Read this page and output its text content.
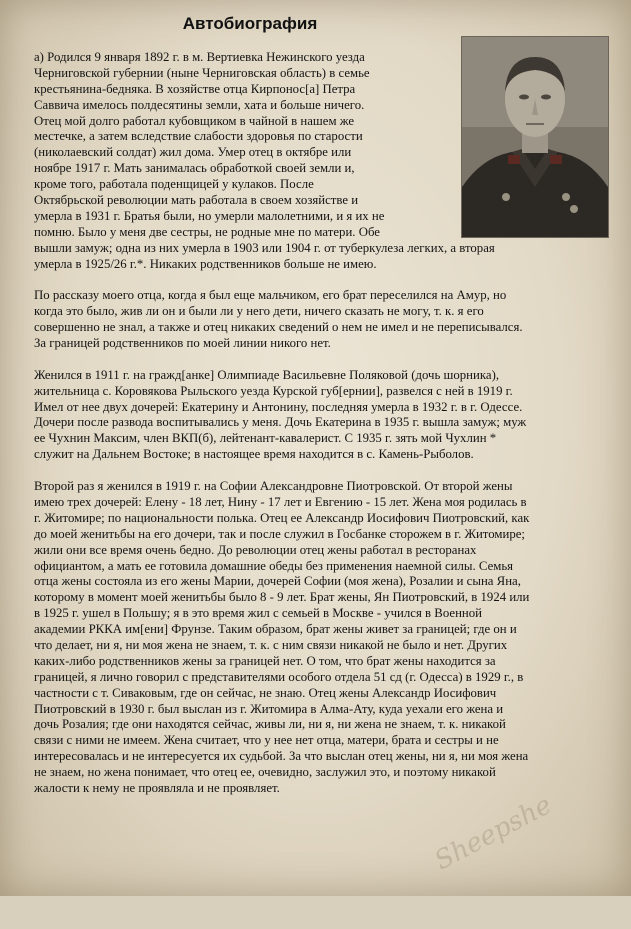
Автобиография
а) Родился 9 января 1892 г. в м. Вертиевка Нежинского уезда
Черниговской губернии (ныне Черниговская область) в семье
крестьянина-бедняка. В хозяйстве отца Кирпонос[а] Петра
Саввича имелось полдесятины земли, хата и больше ничего.
Отец мой долго работал кубовщиком в чайной в нашем же
местечке, а затем вследствие слабости здоровья по старости
(николаевский солдат) жил дома. Умер отец в октябре или
ноябре 1917 г. Мать занималась обработкой своей земли и,
кроме того, работала поденщицей у кулаков. После
Октябрьской революции мать работала в своем хозяйстве и
умерла в 1931 г. Братья были, но умерли малолетними, и я их не
помню. Было у меня две сестры, не родные мне по матери. Обе
вышли замуж; одна из них умерла в 1903 или 1904 г. от туберкулеза легких, а вторая
умерла в 1925/26 г.*. Никаких родственников больше не имею.
По рассказу моего отца, когда я был еще мальчиком, его брат переселился на Амур, но
когда это было, жив ли он и были ли у него дети, ничего сказать не могу, т. к. я его
совершенно не знал, а также и отец никаких сведений о нем не имел и не переписывался.
За границей родственников по моей линии никого нет.
Женился в 1911 г. на гражд[анке] Олимпиаде Васильевне Поляковой (дочь шорника),
жительница с. Коровякова Рыльского уезда Курской губ[ернии], развелся с ней в 1919 г.
Имел от нее двух дочерей: Екатерину и Антонину, последняя умерла в 1932 г. в г. Одессе.
Дочери после развода воспитывались у меня. Дочь Екатерина в 1935 г. вышла замуж; муж
ее Чухнин Максим, член ВКП(б), лейтенант-кавалерист. С 1935 г. зять мой Чухлин *
служит на Дальнем Востоке; в настоящее время находится в с. Камень-Рыболов.
Второй раз я женился в 1919 г. на Софии Александровне Пиотровской. От второй жены
имею трех дочерей: Елену - 18 лет, Нину - 17 лет и Евгению - 15 лет. Жена моя родилась в
г. Житомире; по национальности полька. Отец ее Александр Иосифович Пиотровский, как
до моей женитьбы на его дочери, так и после служил в Госбанке сторожем в г. Житомире;
жили они все время очень бедно. До революции отец жены работал в ресторанах
официантом, а мать ее готовила домашние обеды без применения наемной силы. Семья
отца жены состояла из его жены Марии, дочерей Софии (моя жена), Розалии и сына Яна,
которому в момент моей женитьбы было 8 - 9 лет. Брат жены, Ян Пиотровский, в 1924 или
в 1925 г. ушел в Польшу; я в это время жил с семьей в Москве - учился в Военной
академии РККА им[ени] Фрунзе. Таким образом, брат жены живет за границей; где он и
что делает, ни я, ни моя жена не знаем, т. к. с ним связи никакой не было и нет. Других
каких-либо родственников жены за границей нет. О том, что брат жены находится за
границей, я лично говорил с представителями особого отдела 51 сд (г. Одесса) в 1929 г., в
частности с т. Сиваковым, где он сейчас, не знаю. Отец жены Александр Иосифович
Пиотровский в 1930 г. был выслан из г. Житомира в Алма-Ату, куда уехали его жена и
дочь Розалия; где они находятся сейчас, живы ли, ни я, ни жена не знаем, т. к. никакой
связи с ними не имеем. Жена считает, что у нее нет отца, матери, брата и сестры и не
интересовалась и не интересуется их судьбой. За что выслан отец жены, ни я, ни моя жена
не знаем, но жена понимает, что отец ее, очевидно, заслужил это, и поэтому никакой
жалости к нему не проявляла и не проявляет.
Sheepshe
